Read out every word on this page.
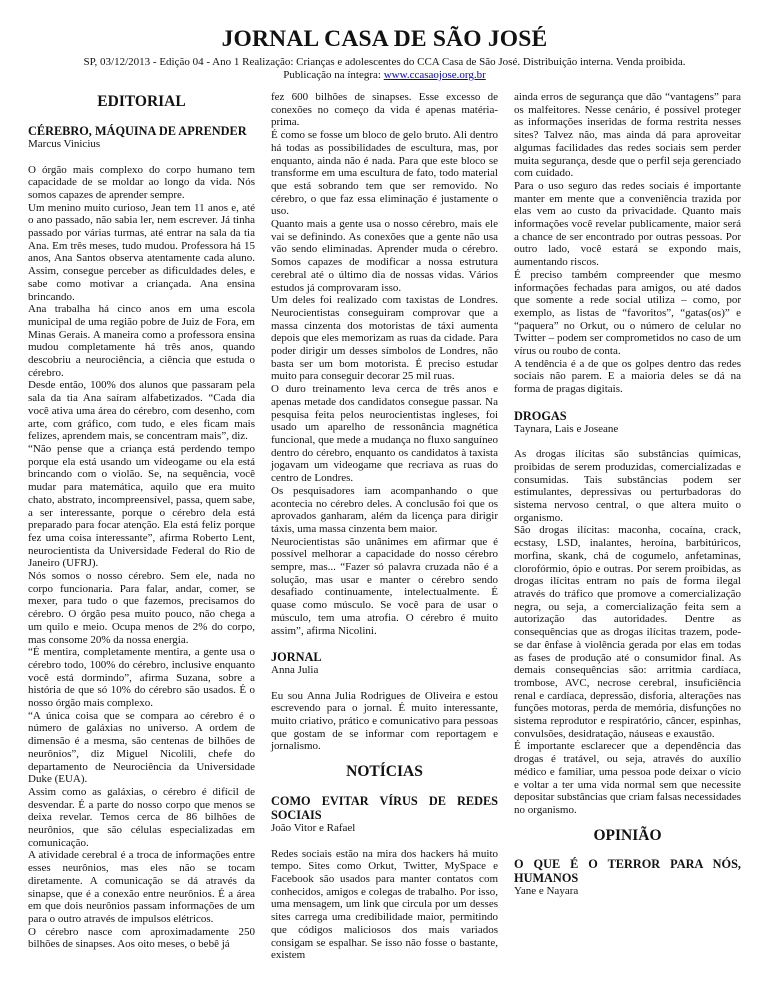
JORNAL CASA DE SÃO JOSÉ

SP, 03/12/2013 - Edição 04 - Ano 1 Realização: Crianças e adolescentes do CCA Casa de São José. Distribuição interna. Venda proibida.

Publicação na íntegra: www.ccasaojose.org.br

EDITORIAL
CÉREBRO, MÁQUINA DE APRENDER
Marcus Vinicius

O órgão mais complexo do corpo humano tem capacidade de se moldar ao longo da vida. Nós somos capazes de aprender sempre.

Um menino muito curioso, Jean tem 11 anos e, até o ano passado, não sabia ler, nem escrever. Já tinha passado por várias turmas, até entrar na sala da tia Ana. Em três meses, tudo mudou. Professora há 15 anos, Ana Santos observa atentamente cada aluno. Assim, consegue perceber as dificuldades deles, e sabe como motivar a criançada. Ana ensina brincando.

Ana trabalha há cinco anos em uma escola municipal de uma região pobre de Juiz de Fora, em Minas Gerais. A maneira como a professora ensina mudou completamente há três anos, quando descobriu a neurociência, a ciência que estuda o cérebro.

Desde então, 100% dos alunos que passaram pela sala da tia Ana saíram alfabetizados. “Cada dia você ativa uma área do cérebro, com desenho, com arte, com gráfico, com tudo, e eles ficam mais felizes, aprendem mais, se concentram mais”, diz.

“Não pense que a criança está perdendo tempo porque ela está usando um videogame ou ela está brincando com o violão. Se, na sequência, você mudar para matemática, aquilo que era muito chato, abstrato, incompreensível, passa, quem sabe, a ser interessante, porque o cérebro dela está preparado para focar atenção. Ela está feliz porque fez uma coisa interessante”, afirma Roberto Lent, neurocientista da Universidade Federal do Rio de Janeiro (UFRJ).

Nós somos o nosso cérebro. Sem ele, nada no corpo funcionaria. Para falar, andar, comer, se mexer, para tudo o que fazemos, precisamos do cérebro. O órgão pesa muito pouco, não chega a um quilo e meio. Ocupa menos de 2% do corpo, mas consome 20% da nossa energia.

“É mentira, completamente mentira, a gente usa o cérebro todo, 100% do cérebro, inclusive enquanto você está dormindo”, afirma Suzana, sobre a história de que só 10% do cérebro são usados. É o nosso órgão mais complexo.

“A única coisa que se compara ao cérebro é o número de galáxias no universo. A ordem de dimensão é a mesma, são centenas de bilhões de neurônios”, diz Miguel Nicolili, chefe do departamento de Neurociência da Universidade Duke (EUA).

Assim como as galáxias, o cérebro é difícil de desvendar. É a parte do nosso corpo que menos se deixa revelar. Temos cerca de 86 bilhões de neurônios, que são células especializadas em comunicação.

A atividade cerebral é a troca de informações entre esses neurônios, mas eles não se tocam diretamente. A comunicação se dá através da sinapse, que é a conexão entre neurônios. É a área em que dois neurônios passam informações de um para o outro através de impulsos elétricos.

O cérebro nasce com aproximadamente 250 bilhões de sinapses. Aos oito meses, o bebê já

fez 600 bilhões de sinapses. Esse excesso de conexões no começo da vida é apenas matéria-prima.

É como se fosse um bloco de gelo bruto. Ali dentro há todas as possibilidades de escultura, mas, por enquanto, ainda não é nada. Para que este bloco se transforme em uma escultura de fato, todo material que está sobrando tem que ser removido. No cérebro, o que faz essa eliminação é justamente o uso.

Quanto mais a gente usa o nosso cérebro, mais ele vai se definindo. As conexões que a gente não usa vão sendo eliminadas. Aprender muda o cérebro. Somos capazes de modificar a nossa estrutura cerebral até o último dia de nossas vidas. Vários estudos já comprovaram isso.

Um deles foi realizado com taxistas de Londres. Neurocientistas conseguiram comprovar que a massa cinzenta dos motoristas de táxi aumenta depois que eles memorizam as ruas da cidade. Para poder dirigir um desses símbolos de Londres, não basta ser um bom motorista. É preciso estudar muito para conseguir decorar 25 mil ruas.

O duro treinamento leva cerca de três anos e apenas metade dos candidatos consegue passar. Na pesquisa feita pelos neurocientistas ingleses, foi usado um aparelho de ressonância magnética funcional, que mede a mudança no fluxo sanguíneo dentro do cérebro, enquanto os candidatos à taxista jogavam um videogame que recriava as ruas do centro de Londres.

Os pesquisadores iam acompanhando o que acontecia no cérebro deles. A conclusão foi que os aprovados ganharam, além da licença para dirigir táxis, uma massa cinzenta bem maior.

Neurocientistas são unânimes em afirmar que é possível melhorar a capacidade do nosso cérebro sempre, mas... “Fazer só palavra cruzada não é a solução, mas usar e manter o cérebro sendo desafiado continuamente, intelectualmente. É quase como músculo. Se você para de usar o músculo, tem uma atrofia. O cérebro é muito assim”, afirma Nicolini.

JORNAL
Anna Julia

Eu sou Anna Julia Rodrigues de Oliveira e estou escrevendo para o jornal. É muito interessante, muito criativo, prático e comunicativo para pessoas que gostam de se informar com reportagem e jornalismo.

NOTÍCIAS
COMO EVITAR VÍRUS DE REDES SOCIAIS
João Vitor e Rafael

Redes sociais estão na mira dos hackers há muito tempo. Sites como Orkut, Twitter, MySpace e Facebook são usados para manter contatos com conhecidos, amigos e colegas de trabalho. Por isso, uma mensagem, um link que circula por um desses sites carrega uma credibilidade maior, permitindo que códigos maliciosos dos mais variados consigam se espalhar. Se isso não fosse o bastante, existem

ainda erros de segurança que dão “vantagens” para os malfeitores. Nesse cenário, é possível proteger as informações inseridas de forma restrita nesses sites? Talvez não, mas ainda dá para aproveitar algumas facilidades das redes sociais sem perder muita segurança, desde que o perfil seja gerenciado com cuidado.

Para o uso seguro das redes sociais é importante manter em mente que a conveniência trazida por elas vem ao custo da privacidade. Quanto mais informações você revelar publicamente, maior será a chance de ser encontrado por outras pessoas. Por outro lado, você estará se expondo mais, aumentando riscos.

É preciso também compreender que mesmo informações fechadas para amigos, ou até dados que somente a rede social utiliza – como, por exemplo, as listas de “favoritos”, “gatas(os)” e “paquera” no Orkut, ou o número de celular no Twitter – podem ser comprometidos no caso de um vírus ou roubo de conta.

A tendência é a de que os golpes dentro das redes sociais não parem. E a maioria deles se dá na forma de pragas digitais.

DROGAS
Taynara, Lais e Joseane

As drogas ilícitas são substâncias químicas, proibidas de serem produzidas, comercializadas e consumidas. Tais substâncias podem ser estimulantes, depressivas ou perturbadoras do sistema nervoso central, o que altera muito o organismo.

São drogas ilícitas: maconha, cocaína, crack, ecstasy, LSD, inalantes, heroína, barbitúricos, morfina, skank, chá de cogumelo, anfetaminas, clorofórmio, ópio e outras. Por serem proibidas, as drogas ilícitas entram no país de forma ilegal através do tráfico que promove a comercialização negra, ou seja, a comercialização feita sem a autorização das autoridades. Dentre as consequências que as drogas ilícitas trazem, pode-se dar ênfase à violência gerada por elas em todas as fases de produção até o consumidor final. As demais consequências são: arritmia cardíaca, trombose, AVC, necrose cerebral, insuficiência renal e cardíaca, depressão, disforia, alterações nas funções motoras, perda de memória, disfunções no sistema reprodutor e respiratório, câncer, espinhas, convulsões, desidratação, náuseas e exaustão.

É importante esclarecer que a dependência das drogas é tratável, ou seja, através do auxílio médico e familiar, uma pessoa pode deixar o vício e voltar a ter uma vida normal sem que necessite depositar substâncias que criam falsas necessidades no organismo.

OPINIÃO
O QUE É O TERROR PARA NÓS, HUMANOS
Yane e Nayara
